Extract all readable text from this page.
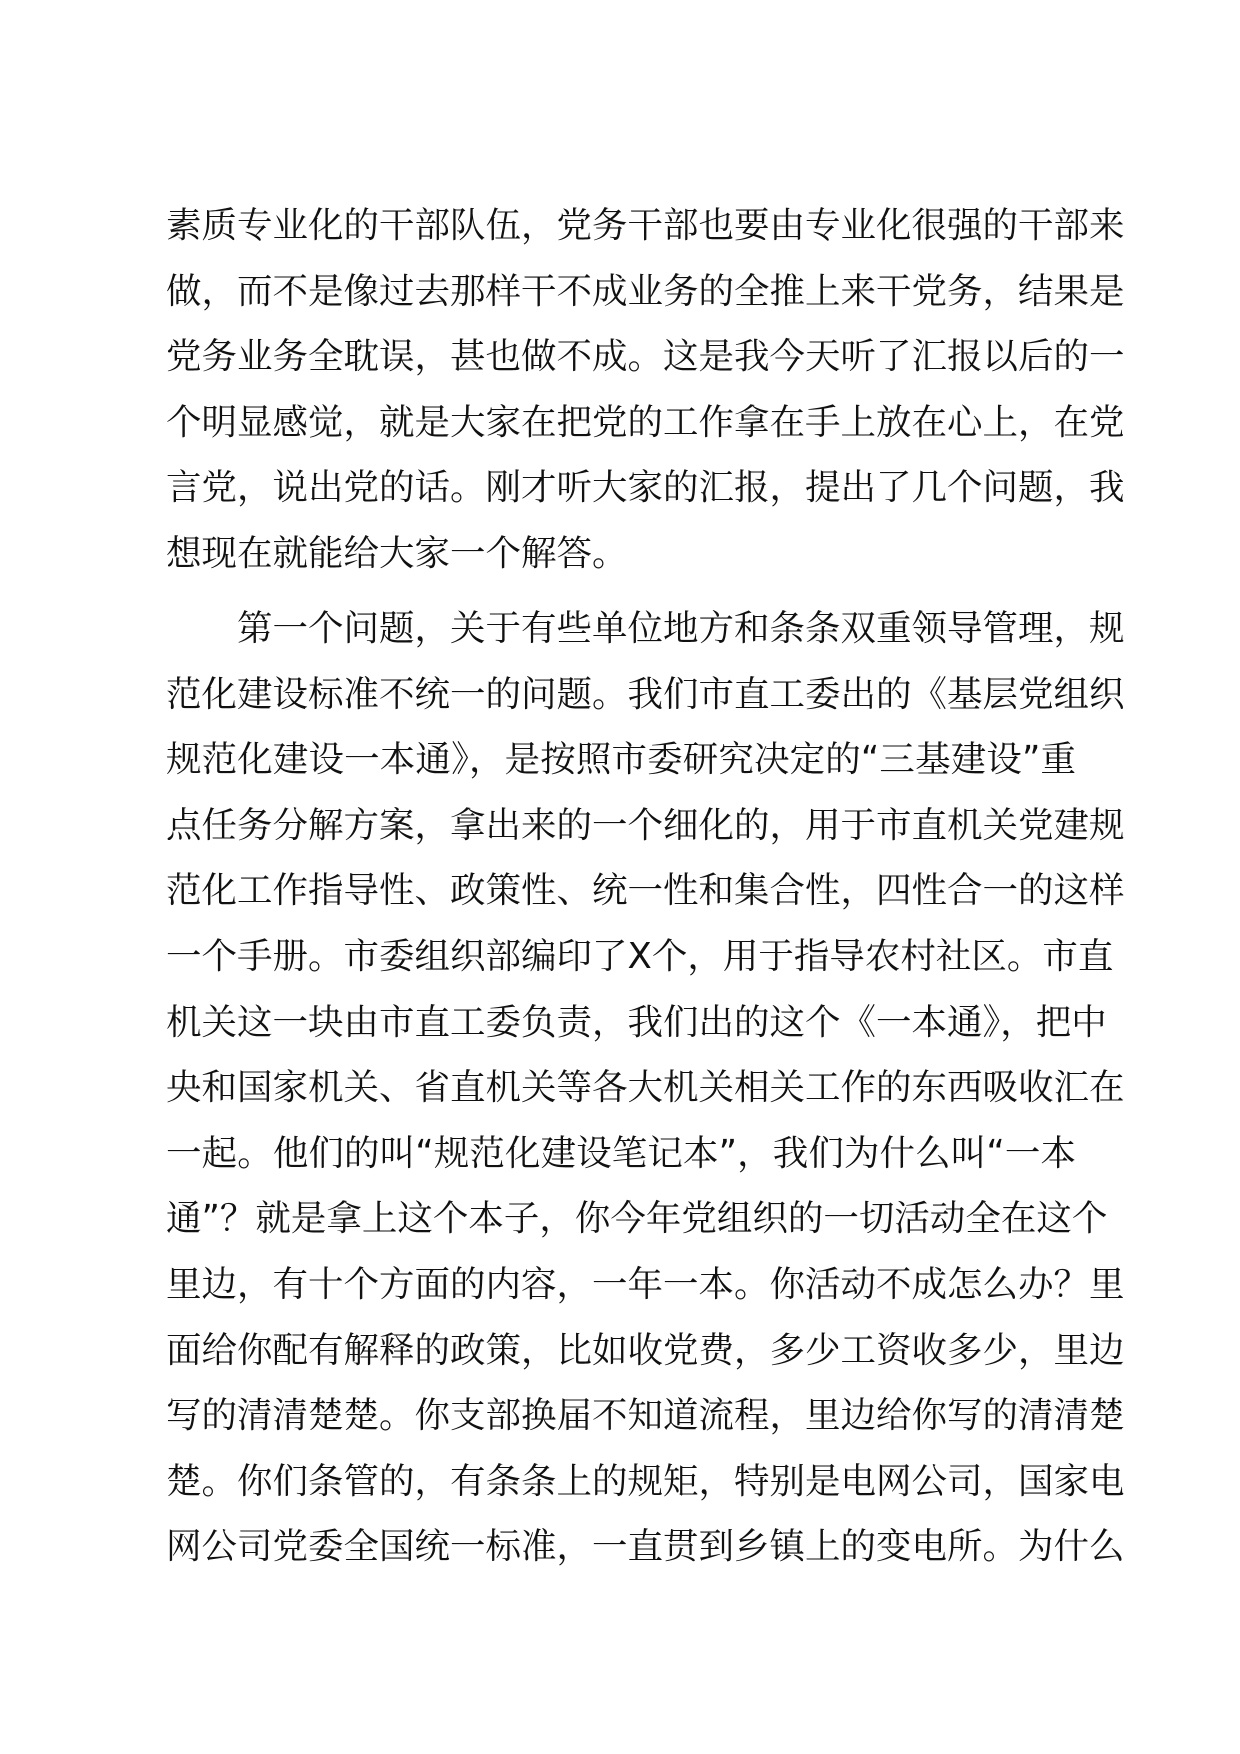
素质专业化的干部队伍，党务干部也要由专业化很强的干部来
做，而不是像过去那样干不成业务的全推上来干党务，结果是
党务业务全耽误，甚也做不成。这是我今天听了汇报以后的一
个明显感觉，就是大家在把党的工作拿在手上放在心上，在党
言党，说出党的话。刚才听大家的汇报，提出了几个问题，我
想现在就能给大家一个解答。
第一个问题，关于有些单位地方和条条双重领导管理，规
范化建设标准不统一的问题。我们市直工委出的《基层党组织
规范化建设一本通》，是按照市委研究决定的“三基建设”重
点任务分解方案，拿出来的一个细化的，用于市直机关党建规
范化工作指导性、政策性、统一性和集合性，四性合一的这样
一个手册。市委组织部编印了X个，用于指导农村社区。市直
机关这一块由市直工委负责，我们出的这个《一本通》，把中
央和国家机关、省直机关等各大机关相关工作的东西吸收汇在
一起。他们的叫“规范化建设笔记本”，我们为什么叫“一本
通”？就是拿上这个本子，你今年党组织的一切活动全在这个
里边，有十个方面的内容，一年一本。你活动不成怎么办？里
面给你配有解释的政策，比如收党费，多少工资收多少，里边
写的清清楚楚。你支部换届不知道流程，里边给你写的清清楚
楚。你们条管的，有条条上的规矩，特别是电网公司，国家电
网公司党委全国统一标准，一直贯到乡镇上的变电所。为什么
